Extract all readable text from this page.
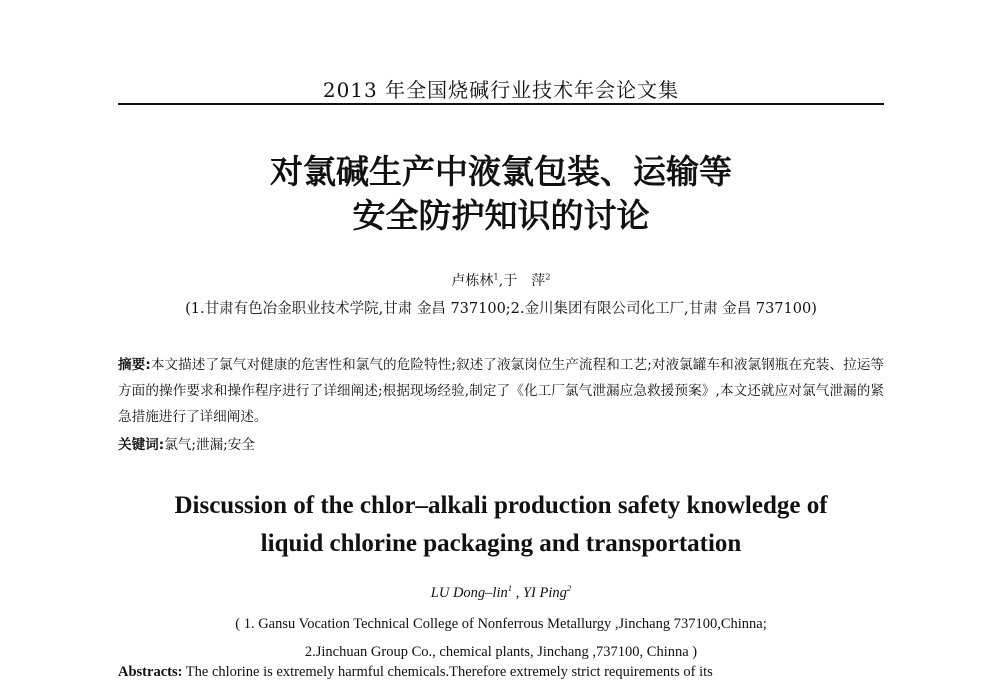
2013 年全国烧碱行业技术年会论文集
对氯碱生产中液氯包装、运输等
安全防护知识的讨论
卢栋林$^1$,于　萍$^2$
(1.甘肃有色冶金职业技术学院,甘肃 金昌 737100;2.金川集团有限公司化工厂,甘肃 金昌 737100)
摘要:本文描述了氯气对健康的危害性和氯气的危险特性;叙述了液氯岗位生产流程和工艺;对液氯罐车和液氯钢瓶在充装、拉运等方面的操作要求和操作程序进行了详细阐述;根据现场经验,制定了《化工厂氯气泄漏应急救援预案》,本文还就应对氯气泄漏的紧急措施进行了详细阐述。
关键词:氯气;泄漏;安全
Discussion of the chlor–alkali production safety knowledge of
liquid chlorine packaging and transportation
LU Dong–lin$^1$ , YI Ping$^2$
( 1. Gansu Vocation Technical College of Nonferrous Metallurgy ,Jinchang 737100,Chinna;
2.Jinchuan Group Co., chemical plants, Jinchang ,737100, Chinna )
Abstracts: The chlorine is extremely harmful chemicals.Therefore extremely strict requirements of its
